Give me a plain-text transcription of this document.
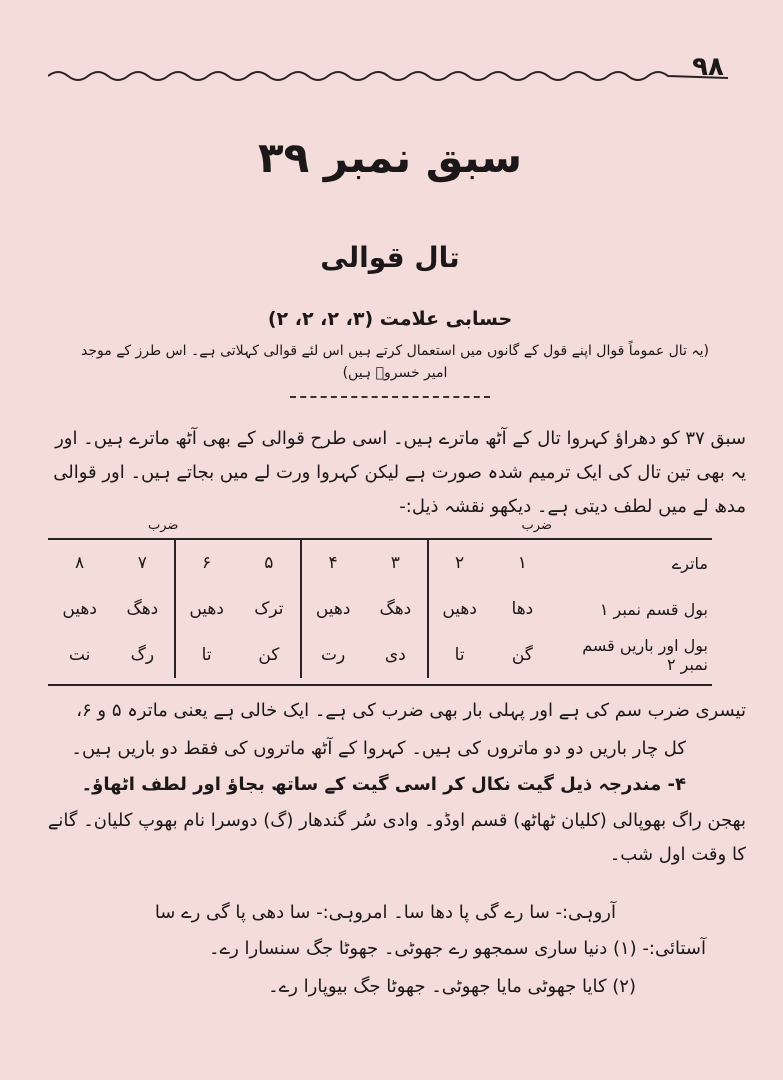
۹۸
سبق نمبر ۳۹
تال قوالی
حسابی علامت (۳، ۲، ۲، ۲)
(یہ تال عموماً قوال اپنے قول کے گانوں میں استعمال کرتے ہیں اس لئے قوالی کہلاتی ہے۔ اس طرز کے موجد امیر خسروؒ ہیں)
سبق ۳۷ کو دھراؤ کہروا تال کے آٹھ ماترے ہیں۔ اسی طرح قوالی کے بھی آٹھ ماترے ہیں۔ اور یہ بھی تین تال کی ایک ترمیم شدہ صورت ہے لیکن کہروا ورت لے میں بجاتے ہیں۔ اور قوالی مدھ لے میں لطف دیتی ہے۔ دیکھو نقشہ ذیل:-
ماترے	۱	۲	۳	۴	۵	۶	۷	۸
بول قسم نمبر ۱	دھا	دھیں	دھگ	دھیں	ترک	دھیں	دھگ	دھیں
بول اور باریں قسم نمبر ۲	گن	تا	دی	رت	کن	تا	رگ	نت
ضرب
ضرب
تیسری ضرب سم کی ہے اور پہلی بار بھی ضرب کی ہے۔ ایک خالی ہے یعنی ماترہ ۵ و ۶،
کل چار باریں دو دو ماتروں کی ہیں۔ کہروا کے آٹھ ماتروں کی فقط دو باریں ہیں۔
۴- مندرجہ ذیل گیت نکال کر اسی گیت کے ساتھ بجاؤ اور لطف اٹھاؤ۔
بھجن راگ بھوپالی (کلیان ٹھاٹھ) قسم اوڈو۔ وادی سُر گندھار (گ) دوسرا نام بھوپ کلیان۔ گانے
کا وقت اول شب۔
آروہی:- سا رے گی پا دھا سا۔ امروہی:- سا دھی پا گی رے سا
آستائی:- (۱) دنیا ساری سمجھو رے جھوٹی۔ جھوٹا جگ سنسارا رے۔
(۲) کایا جھوٹی مایا جھوٹی۔ جھوٹا جگ بیوپارا رے۔
